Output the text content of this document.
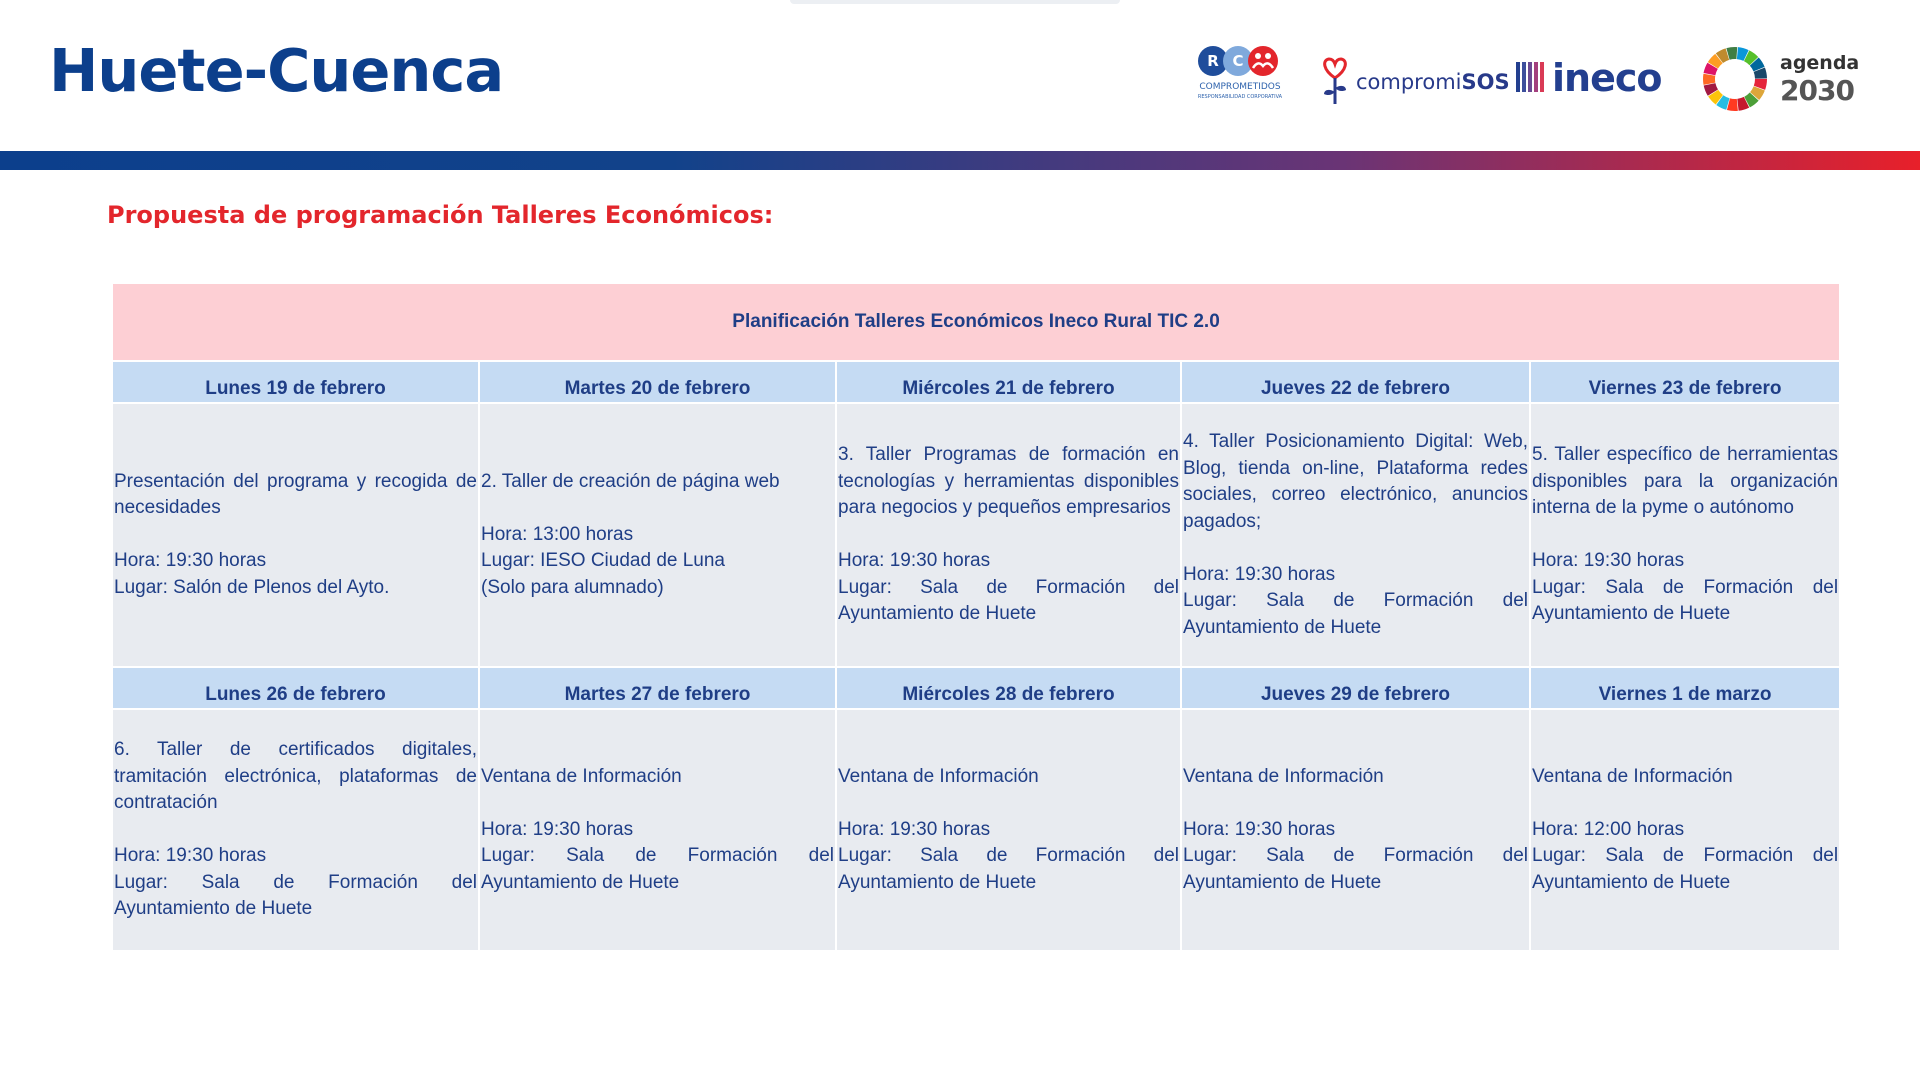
Huete-Cuenca	R C
COMPROMETIDOS
RESPONSABILIDAD CORPORATIVA
compromiSOS ineco	agenda
2030
Propuesta de programación Talleres Económicos:
Planificación Talleres Económicos Ineco Rural TIC 2.0				
Lunes 19 de febrero	Martes 20 de febrero	Miércoles 21 de febrero	Jueves 22 de febrero	Viernes 23 de febrero
Presentación del programa y recogida de necesidades

Hora: 19:30 horas
Lugar: Salón de Plenos del Ayto.	2. Taller de creación de página web

Hora: 13:00 horas
Lugar: IESO Ciudad de Luna
(Solo para alumnado)	3. Taller Programas de formación en tecnologías y herramientas disponibles para negocios y pequeños empresarios

Hora: 19:30 horas
Lugar: Sala de Formación del Ayuntamiento de Huete	4. Taller Posicionamiento Digital: Web, Blog, tienda on-line, Plataforma redes sociales, correo electrónico, anuncios pagados;

Hora: 19:30 horas
Lugar: Sala de Formación del Ayuntamiento de Huete	5. Taller específico de herramientas disponibles para la organización interna de la pyme o autónomo

Hora: 19:30 horas
Lugar: Sala de Formación del Ayuntamiento de Huete
Lunes 26 de febrero	Martes 27 de febrero	Miércoles 28 de febrero	Jueves 29 de febrero	Viernes 1 de marzo
6. Taller de certificados digitales, tramitación electrónica, plataformas de contratación

Hora: 19:30 horas
Lugar: Sala de Formación del Ayuntamiento de Huete	Ventana de Información

Hora: 19:30 horas
Lugar: Sala de Formación del Ayuntamiento de Huete	Ventana de Información

Hora: 19:30 horas
Lugar: Sala de Formación del Ayuntamiento de Huete	Ventana de Información

Hora: 19:30 horas
Lugar: Sala de Formación del Ayuntamiento de Huete	Ventana de Información

Hora: 12:00 horas
Lugar: Sala de Formación del Ayuntamiento de Huete
